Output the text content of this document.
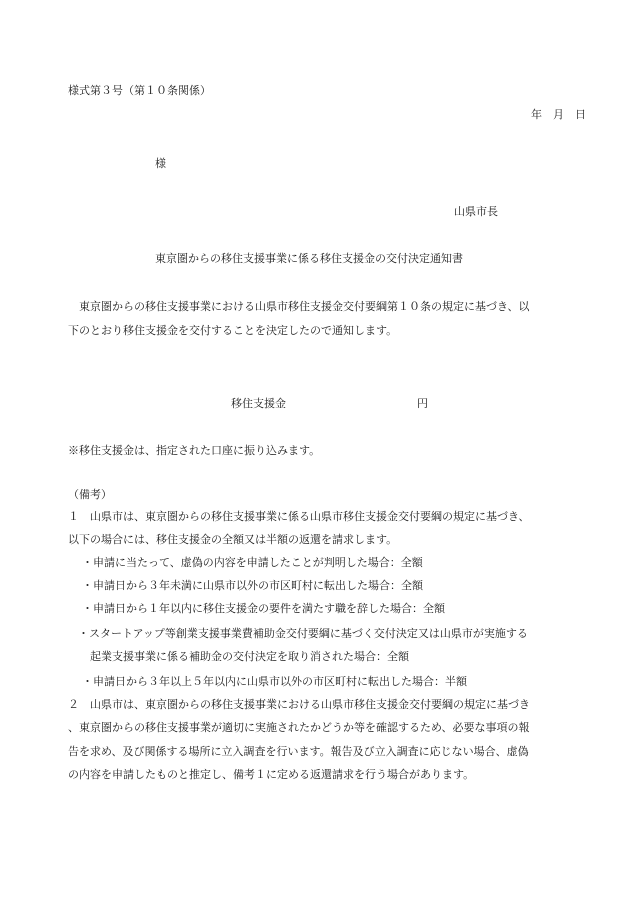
様式第３号（第１０条関係）
年　月　日
様
山県市長
東京圏からの移住支援事業に係る移住支援金の交付決定通知書
　東京圏からの移住支援事業における山県市移住支援金交付要綱第１０条の規定に基づき、以
下のとおり移住支援金を交付することを決定したので通知します。
移住支援金	円
※移住支援金は、指定された口座に振り込みます。
（備考）
１　山県市は、東京圏からの移住支援事業に係る山県市移住支援金交付要綱の規定に基づき、
以下の場合には、移住支援金の全額又は半額の返還を請求します。
・申請に当たって、虚偽の内容を申請したことが判明した場合：全額
・申請日から３年未満に山県市以外の市区町村に転出した場合：全額
・申請日から１年以内に移住支援金の要件を満たす職を辞した場合：全額
・スタートアップ等創業支援事業費補助金交付要綱に基づく交付決定又は山県市が実施する
起業支援事業に係る補助金の交付決定を取り消された場合：全額
・申請日から３年以上５年以内に山県市以外の市区町村に転出した場合：半額
２　山県市は、東京圏からの移住支援事業における山県市移住支援金交付要綱の規定に基づき
、東京圏からの移住支援事業が適切に実施されたかどうか等を確認するため、必要な事項の報
告を求め、及び関係する場所に立入調査を行います。報告及び立入調査に応じない場合、虚偽
の内容を申請したものと推定し、備考１に定める返還請求を行う場合があります。
